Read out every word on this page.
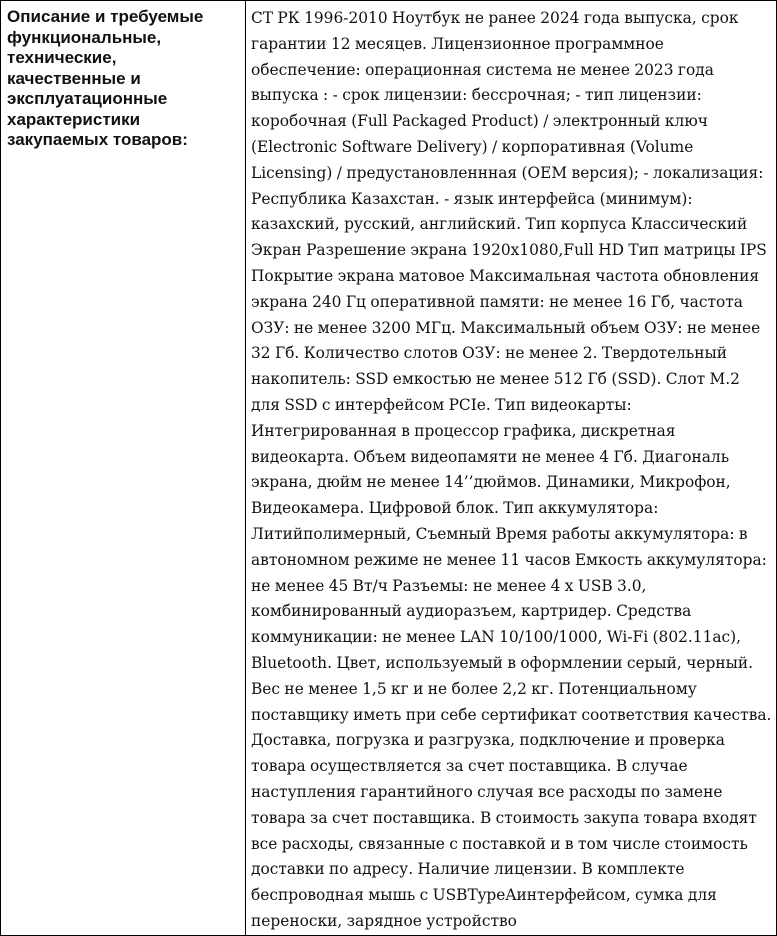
Описание и требуемые функциональные, технические, качественные и эксплуатационные характеристики закупаемых товаров:	СТ РК 1996-2010 Ноутбук не ранее 2024 года выпуска, срок гарантии 12 месяцев. Лицензионное программное обеспечение: операционная система не менее 2023 года выпуска : - срок лицензии: бессрочная; - тип лицензии: коробочная (Full Packaged Product) / электронный ключ (Electronic Software Delivery) / корпоративная (Volume Licensing) / предустановленнная (OEM версия); - локализация: Республика Казахстан. - язык интерфейса (минимум): казахский, русский, английский. Тип корпуса Классический Экран Разрешение экрана 1920х1080,Full HD Тип матрицы IPS Покрытие экрана матовое Максимальная частота обновления экрана 240 Гц оперативной памяти: не менее 16 Гб, частота ОЗУ: не менее 3200 МГц. Максимальный объем ОЗУ: не менее 32 Гб. Количество слотов ОЗУ: не менее 2. Твердотельный накопитель: SSD емкостью не менее 512 Гб (SSD). Слот M.2 для SSD с интерфейсом PCIe. Тип видеокарты: Интегрированная в процессор графика, дискретная видеокарта. Объем видеопамяти не менее 4 Гб. Диагональ экрана, дюйм не менее 14’’дюймов. Динамики, Микрофон, Видеокамера. Цифровой блок. Тип аккумулятора: Литийполимерный, Съемный Время работы аккумулятора: в автономном режиме не менее 11 часов Емкость аккумулятора: не менее 45 Вт/ч Разъемы: не менее 4 x USB 3.0, комбинированный аудиоразъем, картридер. Средства коммуникации: не менее LAN 10/100/1000, Wi-Fi (802.11ac), Bluetooth. Цвет, используемый в оформлении серый, черный. Вес не менее 1,5 кг и не более 2,2 кг. Потенциальному поставщику иметь при себе сертификат соответствия качества. Доставка, погрузка и разгрузка, подключение и проверка товара осуществляется за счет поставщика. В случае наступления гарантийного случая все расходы по замене товара за счет поставщика. В стоимость закупа товара входят все расходы, связанные с поставкой и в том числе стоимость доставки по адресу. Наличие лицензии. В комплекте беспроводная мышь с USBTypeAинтерфейсом, сумка для переноски, зарядное устройство
